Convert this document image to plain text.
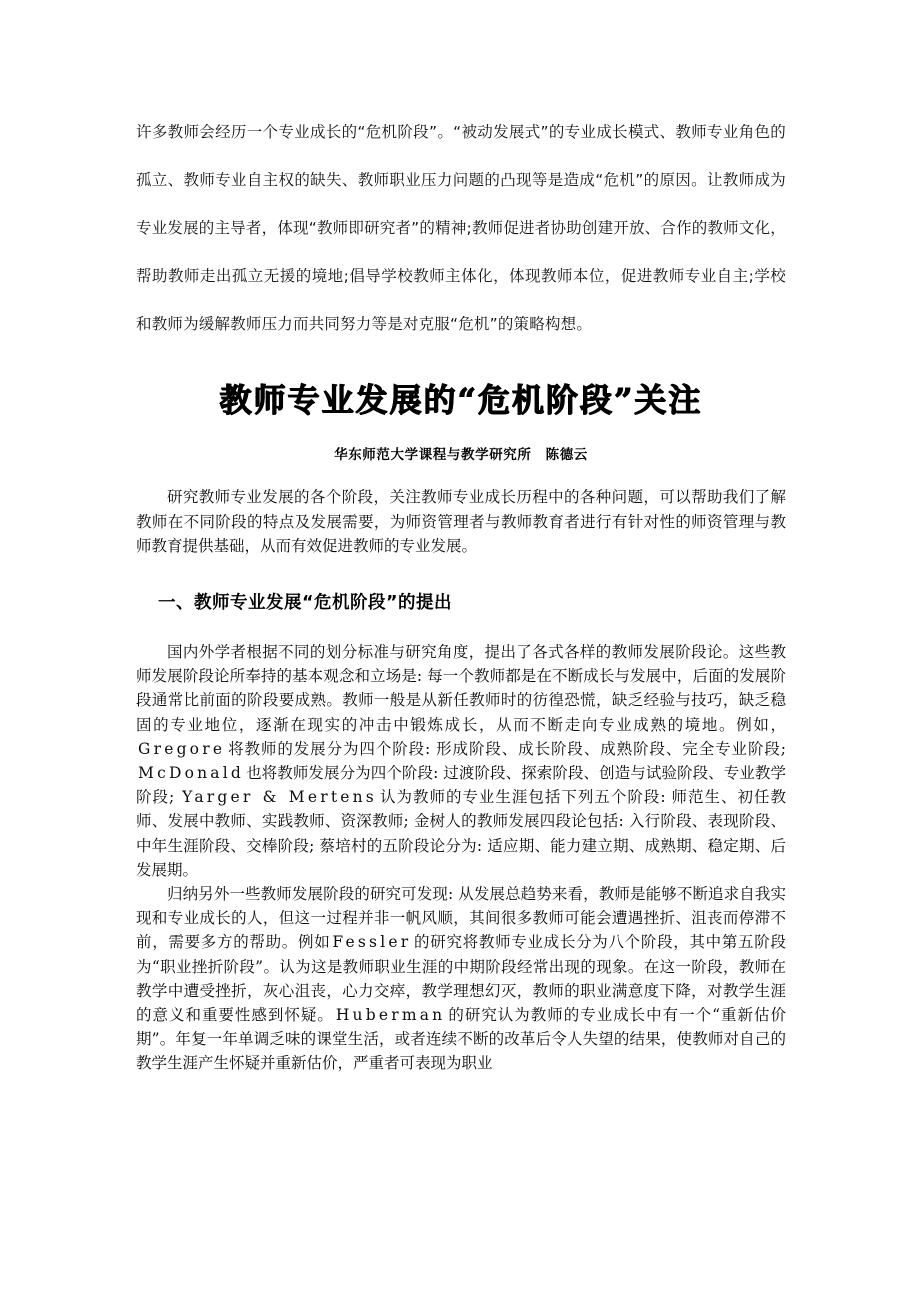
许多教师会经历一个专业成长的“危机阶段”。“被动发展式”的专业成长模式、教师专业角色的孤立、教师专业自主权的缺失、教师职业压力问题的凸现等是造成“危机”的原因。让教师成为专业发展的主导者，体现“教师即研究者”的精神;教师促进者协助创建开放、合作的教师文化，帮助教师走出孤立无援的境地;倡导学校教师主体化，体现教师本位，促进教师专业自主;学校和教师为缓解教师压力而共同努力等是对克服“危机”的策略构想。
教师专业发展的“危机阶段”关注
华东师范大学课程与教学研究所　陈德云

研究教师专业发展的各个阶段，关注教师专业成长历程中的各种问题，可以帮助我们了解教师在不同阶段的特点及发展需要，为师资管理者与教师教育者进行有针对性的师资管理与教师教育提供基础，从而有效促进教师的专业发展。

一、教师专业发展“危机阶段”的提出

国内外学者根据不同的划分标准与研究角度，提出了各式各样的教师发展阶段论。这些教师发展阶段论所奉持的基本观念和立场是: 每一个教师都是在不断成长与发展中，后面的发展阶段通常比前面的阶段要成熟。教师一般是从新任教师时的彷徨恐慌，缺乏经验与技巧，缺乏稳固的专业地位，逐渐在现实的冲击中锻炼成长，从而不断走向专业成熟的境地。例如，Gregore 将教师的发展分为四个阶段: 形成阶段、成长阶段、成熟阶段、完全专业阶段; McDonald 也将教师发展分为四个阶段: 过渡阶段、探索阶段、创造与试验阶段、专业教学阶段; Yarger & Mertens 认为教师的专业生涯包括下列五个阶段: 师范生、初任教师、发展中教师、实践教师、资深教师; 金树人的教师发展四段论包括: 入行阶段、表现阶段、中年生涯阶段、交棒阶段; 蔡培村的五阶段论分为: 适应期、能力建立期、成熟期、稳定期、后发展期。

归纳另外一些教师发展阶段的研究可发现: 从发展总趋势来看，教师是能够不断追求自我实现和专业成长的人，但这一过程并非一帆风顺，其间很多教师可能会遭遇挫折、沮丧而停滞不前，需要多方的帮助。例如 Fessler 的研究将教师专业成长分为八个阶段，其中第五阶段为“职业挫折阶段”。认为这是教师职业生涯的中期阶段经常出现的现象。在这一阶段，教师在教学中遭受挫折，灰心沮丧，心力交瘁，教学理想幻灭，教师的职业满意度下降，对教学生涯的意义和重要性感到怀疑。 Huberman 的研究认为教师的专业成长中有一个“重新估价期”。年复一年单调乏味的课堂生活，或者连续不断的改革后令人失望的结果，使教师对自己的教学生涯产生怀疑并重新估价，严重者可表现为职业
